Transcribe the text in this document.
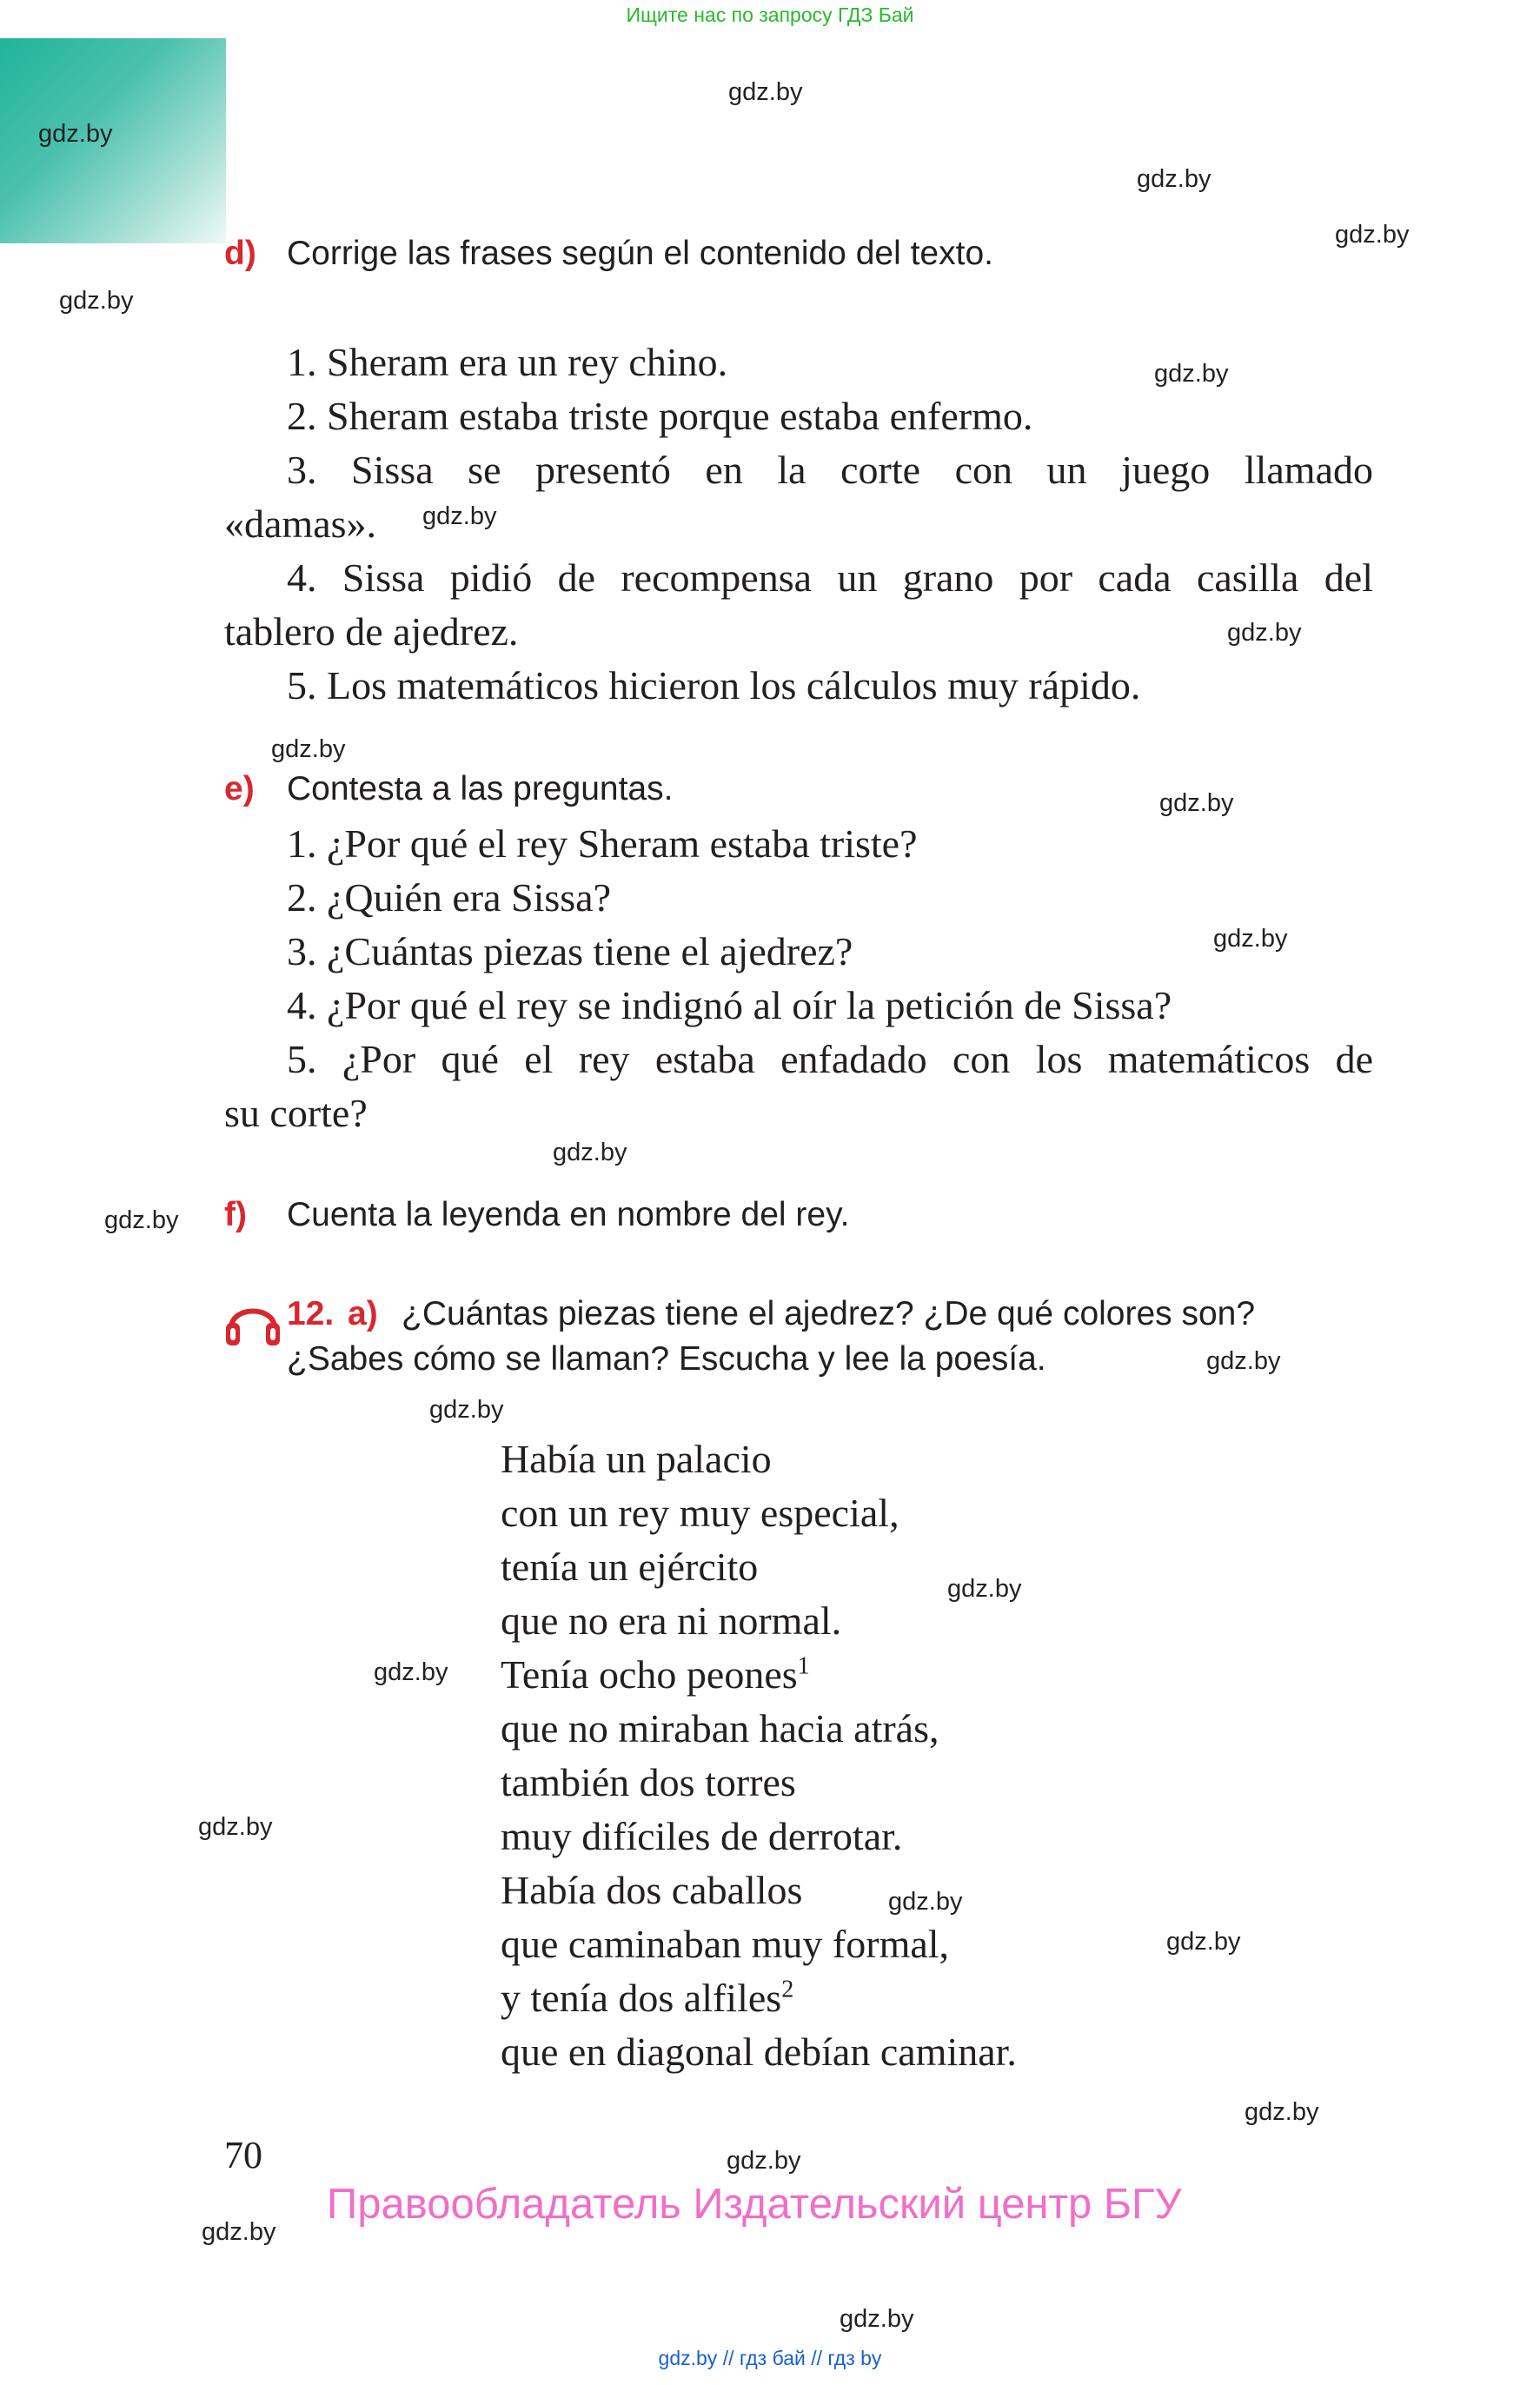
Ищите нас по запросу ГДЗ Бай
gdz.by
gdz.by
gdz.by
gdz.by
gdz.by
gdz.by
gdz.by
gdz.by
gdz.by
gdz.by
gdz.by
gdz.by
gdz.by
gdz.by
gdz.by
gdz.by
gdz.by
gdz.by
gdz.by
gdz.by
gdz.by
gdz.by
gdz.by
gdz.by
d) Corrige las frases según el contenido del texto.
1. Sheram era un rey chino.
2. Sheram estaba triste porque estaba enfermo.
3. Sissa se presentó en la corte con un juego llamado
«damas».
4. Sissa pidió de recompensa un grano por cada casilla del
tablero de ajedrez.
5. Los matemáticos hicieron los cálculos muy rápido.
e) Contesta a las preguntas.
1. ¿Por qué el rey Sheram estaba triste?
2. ¿Quién era Sissa?
3. ¿Cuántas piezas tiene el ajedrez?
4. ¿Por qué el rey se indignó al oír la petición de Sissa?
5. ¿Por qué el rey estaba enfadado con los matemáticos de
su corte?
f) Cuenta la leyenda en nombre del rey.
12. a) ¿Cuántas piezas tiene el ajedrez? ¿De qué colores son?
¿Sabes cómo se llaman? Escucha y lee la poesía.
Había un palacio
con un rey muy especial,
tenía un ejército
que no era ni normal.
Tenía ocho peones$^1$
que no miraban hacia atrás,
también dos torres
muy difíciles de derrotar.
Había dos caballos
que caminaban muy formal,
y tenía dos alfiles$^2$
que en diagonal debían caminar.
70
Правообладатель Издательский центр БГУ
gdz.by // гдз бай // гдз by
